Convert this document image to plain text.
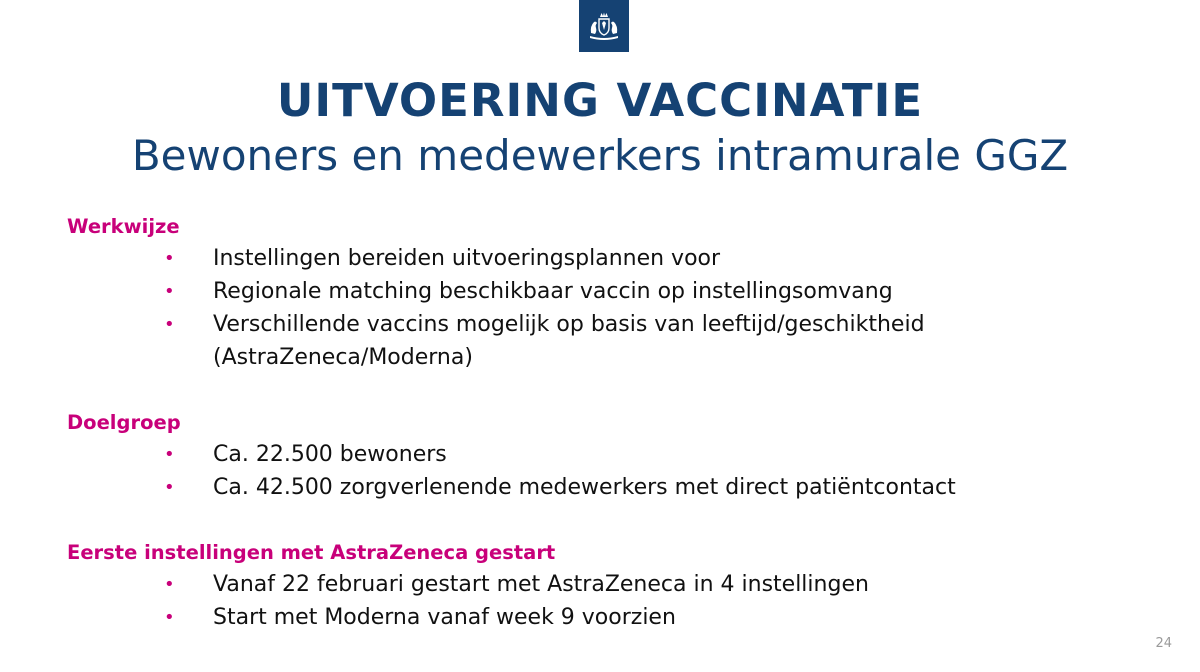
UITVOERING VACCINATIE
Bewoners en medewerkers intramurale GGZ

Werkwijze

• Instellingen bereiden uitvoeringsplannen voor
• Regionale matching beschikbaar vaccin op instellingsomvang
• Verschillende vaccins mogelijk op basis van leeftijd/geschiktheid (AstraZeneca/Moderna)

Doelgroep

• Ca. 22.500 bewoners
• Ca. 42.500 zorgverlenende medewerkers met direct patiëntcontact

Eerste instellingen met AstraZeneca gestart

• Vanaf 22 februari gestart met AstraZeneca in 4 instellingen
• Start met Moderna vanaf week 9 voorzien
24
